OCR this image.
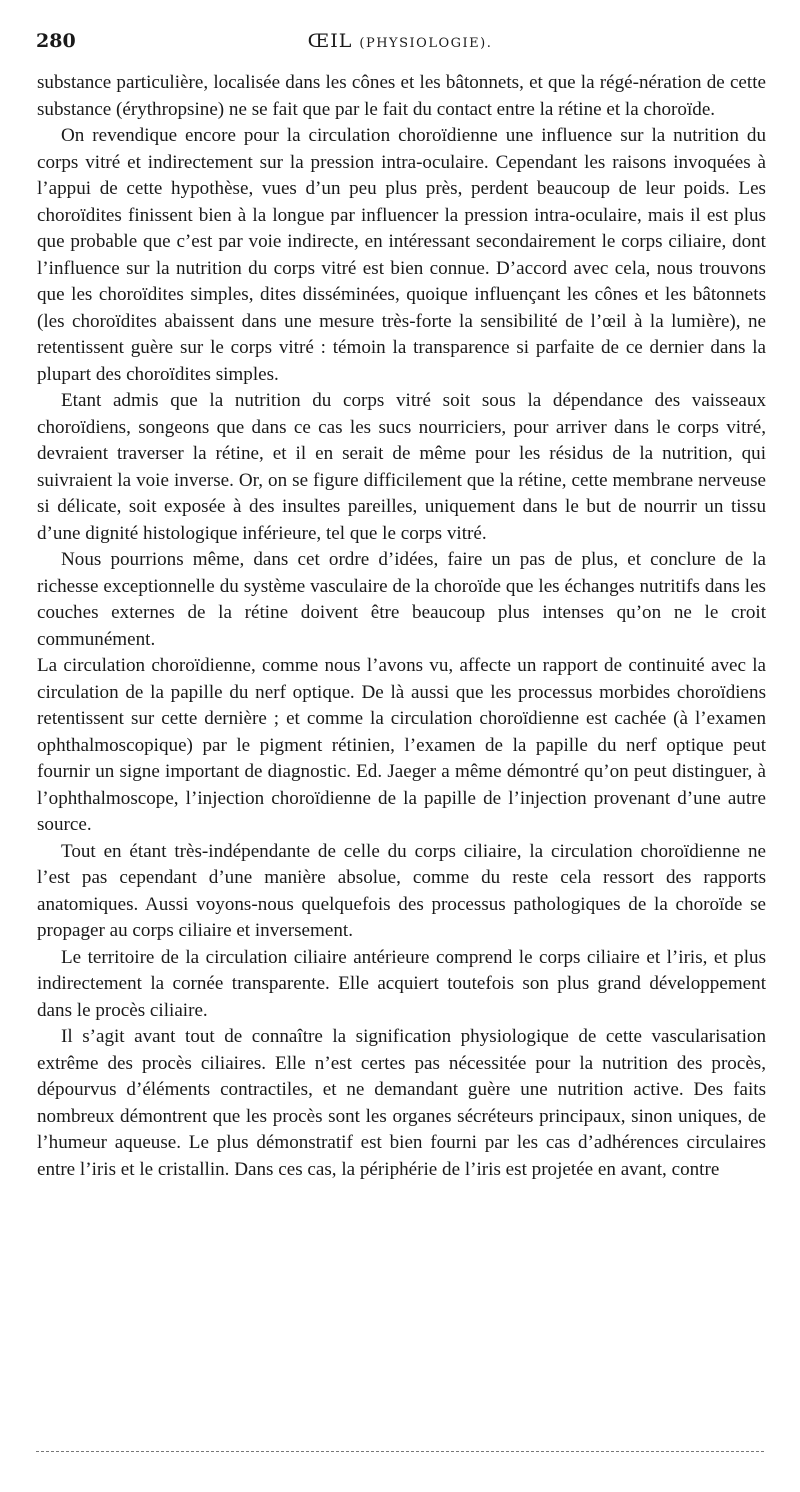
280	ŒIL (PHYSIOLOGIE).

substance particulière, localisée dans les cônes et les bâtonnets, et que la régé-nération de cette substance (érythropsine) ne se fait que par le fait du contact entre la rétine et la choroïde.

On revendique encore pour la circulation choroïdienne une influence sur la nutrition du corps vitré et indirectement sur la pression intra-oculaire. Cependant les raisons invoquées à l’appui de cette hypothèse, vues d’un peu plus près, perdent beaucoup de leur poids. Les choroïdites finissent bien à la longue par influencer la pression intra-oculaire, mais il est plus que probable que c’est par voie indirecte, en intéressant secondairement le corps ciliaire, dont l’influence sur la nutrition du corps vitré est bien connue. D’accord avec cela, nous trouvons que les choroïdites simples, dites disséminées, quoique influençant les cônes et les bâtonnets (les choroïdites abaissent dans une mesure très-forte la sensibilité de l’œil à la lumière), ne retentissent guère sur le corps vitré : témoin la transparence si parfaite de ce dernier dans la plupart des choroïdites simples.

Etant admis que la nutrition du corps vitré soit sous la dépendance des vaisseaux choroïdiens, songeons que dans ce cas les sucs nourriciers, pour arriver dans le corps vitré, devraient traverser la rétine, et il en serait de même pour les résidus de la nutrition, qui suivraient la voie inverse. Or, on se figure difficilement que la rétine, cette membrane nerveuse si délicate, soit exposée à des insultes pareilles, uniquement dans le but de nourrir un tissu d’une dignité histologique inférieure, tel que le corps vitré.

Nous pourrions même, dans cet ordre d’idées, faire un pas de plus, et conclure de la richesse exceptionnelle du système vasculaire de la choroïde que les échanges nutritifs dans les couches externes de la rétine doivent être beaucoup plus intenses qu’on ne le croit communément.

La circulation choroïdienne, comme nous l’avons vu, affecte un rapport de continuité avec la circulation de la papille du nerf optique. De là aussi que les processus morbides choroïdiens retentissent sur cette dernière ; et comme la circulation choroïdienne est cachée (à l’examen ophthalmoscopique) par le pigment rétinien, l’examen de la papille du nerf optique peut fournir un signe important de diagnostic. Ed. Jaeger a même démontré qu’on peut distinguer, à l’ophthalmoscope, l’injection choroïdienne de la papille de l’injection provenant d’une autre source.

Tout en étant très-indépendante de celle du corps ciliaire, la circulation choroïdienne ne l’est pas cependant d’une manière absolue, comme du reste cela ressort des rapports anatomiques. Aussi voyons-nous quelquefois des processus pathologiques de la choroïde se propager au corps ciliaire et inversement.

Le territoire de la circulation ciliaire antérieure comprend le corps ciliaire et l’iris, et plus indirectement la cornée transparente. Elle acquiert toutefois son plus grand développement dans le procès ciliaire.

Il s’agit avant tout de connaître la signification physiologique de cette vascularisation extrême des procès ciliaires. Elle n’est certes pas nécessitée pour la nutrition des procès, dépourvus d’éléments contractiles, et ne demandant guère une nutrition active. Des faits nombreux démontrent que les procès sont les organes sécréteurs principaux, sinon uniques, de l’humeur aqueuse. Le plus démonstratif est bien fourni par les cas d’adhérences circulaires entre l’iris et le cristallin. Dans ces cas, la périphérie de l’iris est projetée en avant, contre
